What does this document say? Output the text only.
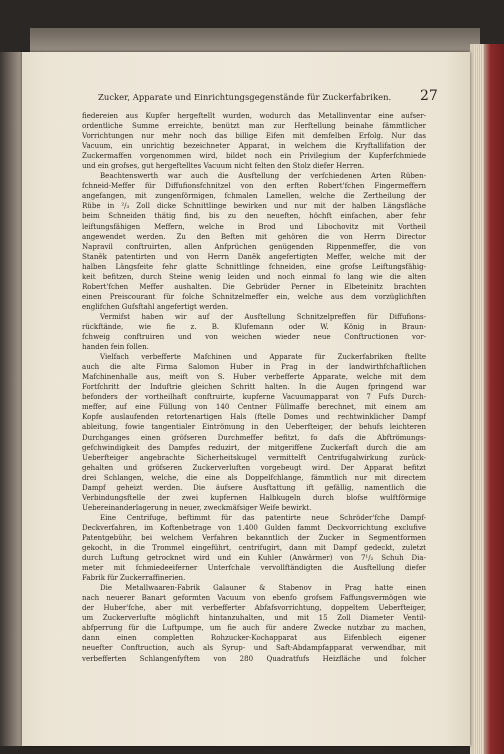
Zucker, Apparate und Einrichtungsgegenstände für Zuckerfabriken. 27
fiedereien aus Kupfer hergeftellt wurden, wodurch das Metallinventar eine aufser-
ordentliche Summe erreichte, benützt man zur Herftellung beinahe fämmtlicher
Vorrichtungen nur mehr noch das billige Eifen mit demfelben Erfolg. Nur das
Vacuum, ein unrichtig bezeichneter Apparat, in welchem die Kryftallifation der
Zuckermaffen vorgenommen wird, bildet noch ein Privilegium der Kupferfchmiede
und ein grofses, gut hergeftelltes Vacuum nicht felten den Stolz diefer Herren.
Beachtenswerth war auch die Ausftellung der verfchiedenen Arten Rüben-
fchneid-Meffer für Diffufionsfchnitzel von den erften Robert'fchen Fingermeffern
angefangen, mit zungenförmigen, fchmalen Lamellen, welche die Zertheilung der
Rübe in ²/₃ Zoll dicke Schnittlinge bewirken und nur mit der halben Längsfläche
beim Schneiden thätig find, bis zu den neueften, höchft einfachen, aber fehr
leiftungsfähigen Meffern, welche in Brod und Libochovitz mit Vortheil
angewendet werden. Zu den Beften mit gehören die von Herrn Director
Napravil conftruirten, allen Anfprüchen genügenden Rippenmeffer, die von
Staněk patentirten und von Herrn Daněk angefertigten Meffer, welche mit der
halben Längsfeite fehr glatte Schnittlinge fchneiden, eine grofse Leiftungsfähig-
keit befitzen, durch Steine wenig leiden und noch einmal fo lang wie die alten
Robert'fchen Meffer aushalten. Die Gebrüder Perner in Elbeteinitz brachten
einen Preiscourant für folche Schnitzelmeffer ein, welche aus dem vorzüglichften
englifchen Gufsftahl angefertigt werden.
Vermifst haben wir auf der Ausftellung Schnitzelpreffen für Diffufions-
rückftände, wie fie z. B. Klufemann oder W. König in Braun-
fchweig conftruiren und von weichen wieder neue Conftructionen vor-
handen fein follen.
Vielfach verbefferte Mafchinen und Apparate für Zuckerfabriken ftellte
auch die alte Firma Salomon Huber in Prag in der landwirthfchaftlichen
Mafchinenhalle aus, meift von S. Huber verbefferte Apparate, welche mit dem
Fortfchritt der Induftrie gleichen Schritt halten. In die Augen fpringend war
befonders der vortheilhaft conftruirte, kupferne Vacuumapparat von 7 Fufs Durch-
meffer, auf eine Füllung von 140 Centner Füllmaffe berechnet, mit einem am
Kopfe auslaufenden retortenartigen Hals (ftelle Domes und rechtwinklicher Dampf
ableitung, fowie tangentialer Eintrömung in den Ueberfteiger, der behufs leichteren
Durchganges einen gröfseren Durchmeffer befitzt, fo dafs die Abftrömungs-
gefchwindigkeit des Dampfes reduzirt, der mitgeriffene Zuckerfaft durch die am
Ueberfteiger angebrachte Sicherheitskugel vermittelft Centrifugalwirkung zurück-
gehalten und gröfseren Zuckerverluften vorgebeugt wird. Der Apparat befitzt
drei Schlangen, welche, die eine als Doppelfchlange, fämmtlich nur mit directem
Dampf geheizt werden. Die äufsere Ausftattung ift gefällig, namentlich die
Verbindungsftelle der zwei kupfernen Halbkugeln durch blofse wulftförmige
Uebereinanderlagerung in neuer, zweckmäfsiger Weife bewirkt.
Eine Centrifuge, beftimmt für das patentirte neue Schröder'fche Dampf-
Deckverfahren, im Koftenbetrage von 1.400 Gulden fammt Deckvorrichtung exclufive
Patentgebühr, bei welchem Verfahren bekanntlich der Zucker in Segmentformen
gekocht, in die Trommel eingeführt, centrifugirt, dann mit Dampf gedeckt, zuletzt
durch Luftung getrocknet wird und ein Kuhler (Anwärmer) von 7¹/₂ Schuh Dia-
meter mit fchmiedeeiferner Unterfchale vervollftändigten die Ausftellung diefer
Fabrik für Zuckerraffinerien.
Die Metallwaaren-Fabrik Galauner & Stabenov in Prag hatte einen
nach neuerer Banart geformten Vacuum von ebenfo grofsem Faffungsvermögen wie
der Huber'fche, aber mit verbefferter Abfafsvorrichtung, doppeltem Ueberfteiger,
um Zuckerverlufte möglichft hintanzuhalten, und mit 15 Zoll Diameter Ventil-
abfperrung für die Luftpumpe, um fie auch für andere Zwecke nutzbar zu machen,
dann einen completten Rohzucker-Kochapparat aus Eifenblech eigener
neuefter Conftruction, auch als Syrup- und Saft-Abdampfapparat verwendbar, mit
verbefferten Schlangenfyftem von 280 Quadratfufs Heizfläche und folcher
